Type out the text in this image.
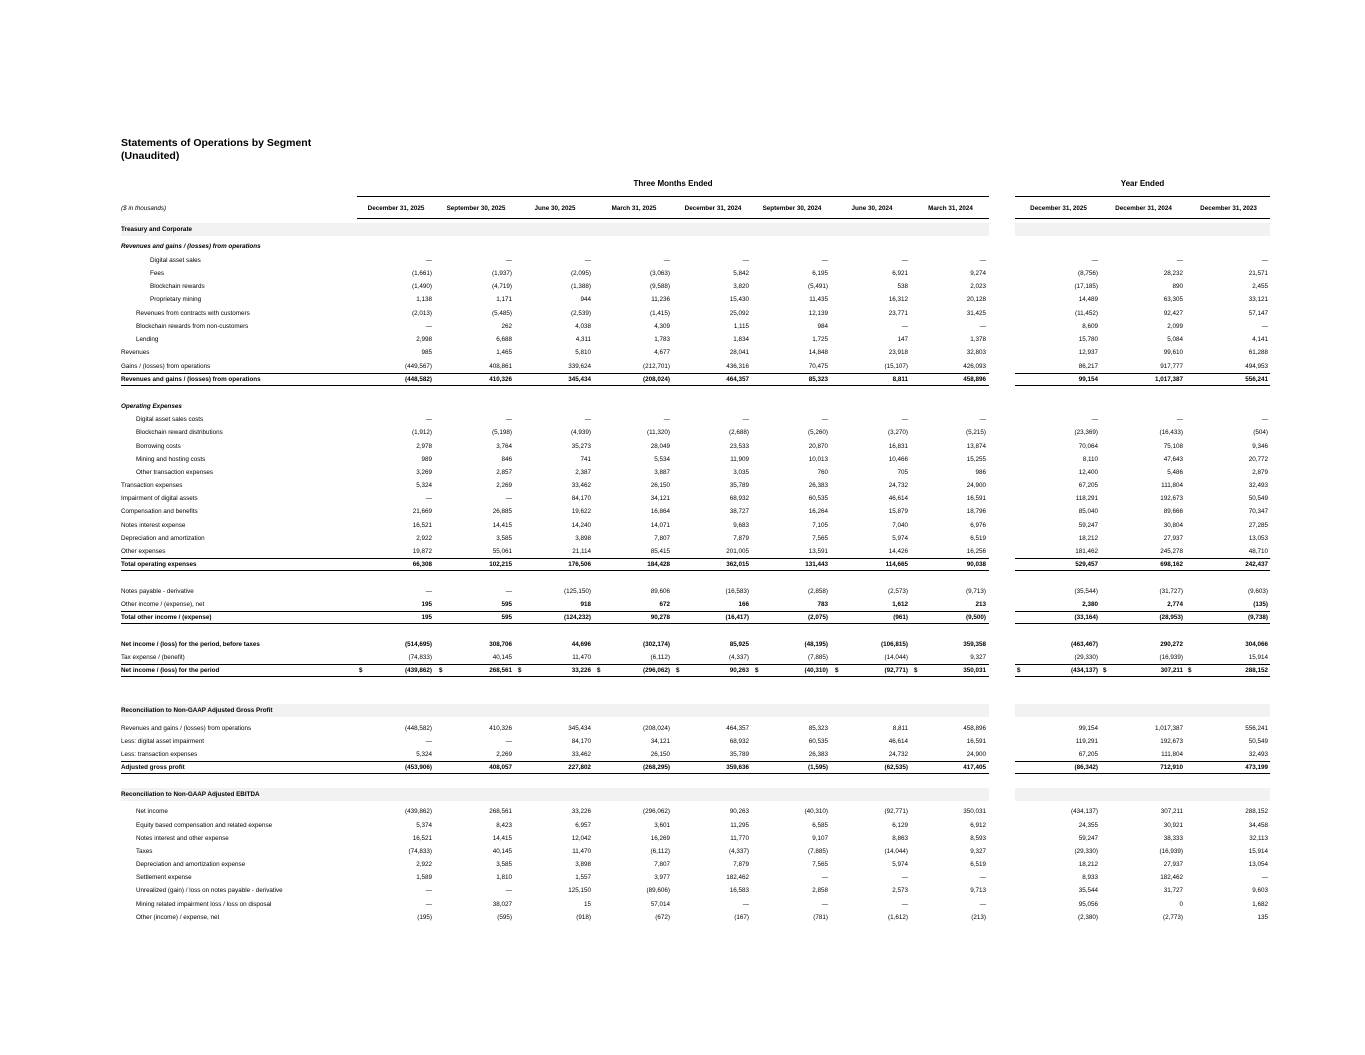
Statements of Operations by Segment
(Unaudited)
Three Months Ended	Year Ended
($ in thousands)	December 31, 2025	September 30, 2025	June 30, 2025	March 31, 2025	December 31, 2024	September 30, 2024	June 30, 2024	March 31, 2024	December 31, 2025	December 31, 2024	December 31, 2023
Treasury and Corporate
Revenues and gains / (losses) from operations
Digital asset sales	—	—	—	—	—	—	—	—	—	—	—
Fees	(1,661)	(1,937)	(2,095)	(3,063)	5,842	6,195	6,921	9,274	(8,756)	28,232	21,571
Blockchain rewards	(1,490)	(4,719)	(1,388)	(9,588)	3,820	(5,491)	538	2,023	(17,185)	890	2,455
Proprietary mining	1,138	1,171	944	11,236	15,430	11,435	16,312	20,128	14,489	63,305	33,121
Revenues from contracts with customers	(2,013)	(5,485)	(2,539)	(1,415)	25,092	12,139	23,771	31,425	(11,452)	92,427	57,147
Blockchain rewards from non-customers	—	262	4,038	4,309	1,115	984	—	—	8,609	2,099	—
Lending	2,998	6,688	4,311	1,783	1,834	1,725	147	1,378	15,780	5,084	4,141
Revenues	985	1,465	5,810	4,677	28,041	14,848	23,918	32,803	12,937	99,610	61,288
Gains / (losses) from operations	(449,567)	408,861	339,624	(212,701)	436,316	70,475	(15,107)	426,093	86,217	917,777	494,953
Revenues and gains / (losses) from operations	(448,582)	410,326	345,434	(208,024)	464,357	85,323	8,811	458,896	99,154	1,017,387	556,241
Operating Expenses
Digital asset sales costs	—	—	—	—	—	—	—	—	—	—	—
Blockchain reward distributions	(1,912)	(5,198)	(4,939)	(11,320)	(2,688)	(5,260)	(3,270)	(5,215)	(23,369)	(16,433)	(504)
Borrowing costs	2,978	3,764	35,273	28,049	23,533	20,870	16,831	13,874	70,064	75,108	9,346
Mining and hosting costs	989	846	741	5,534	11,909	10,013	10,466	15,255	8,110	47,643	20,772
Other transaction expenses	3,269	2,857	2,387	3,887	3,035	760	705	986	12,400	5,486	2,879
Transaction expenses	5,324	2,269	33,462	26,150	35,789	26,383	24,732	24,900	67,205	111,804	32,493
Impairment of digital assets	—	—	84,170	34,121	68,932	60,535	46,614	16,591	118,291	192,673	50,549
Compensation and benefits	21,669	26,885	19,622	16,864	38,727	16,264	15,879	18,796	85,040	89,666	70,347
Notes interest expense	16,521	14,415	14,240	14,071	9,683	7,105	7,040	6,976	59,247	30,804	27,285
Depreciation and amortization	2,922	3,585	3,898	7,807	7,879	7,565	5,974	6,519	18,212	27,937	13,053
Other expenses	19,872	55,061	21,114	85,415	201,005	13,591	14,426	16,256	181,462	245,278	48,710
Total operating expenses	66,308	102,215	176,506	184,428	362,015	131,443	114,665	90,038	529,457	698,162	242,437
Notes payable - derivative	—	—	(125,150)	89,606	(16,583)	(2,858)	(2,573)	(9,713)	(35,544)	(31,727)	(9,603)
Other income / (expense), net	195	595	918	672	166	783	1,612	213	2,380	2,774	(135)
Total other income / (expense)	195	595	(124,232)	90,278	(16,417)	(2,075)	(961)	(9,500)	(33,164)	(28,953)	(9,738)
Net income / (loss) for the period, before taxes	(514,695)	308,706	44,696	(302,174)	85,925	(48,195)	(106,815)	359,358	(463,467)	290,272	304,066
Tax expense / (benefit)	(74,833)	40,145	11,470	(6,112)	(4,337)	(7,885)	(14,044)	9,327	(29,330)	(16,939)	15,914
Net income / (loss) for the period	(439,862)	268,561	33,226	(296,062)	90,263	(40,310)	(92,771)	350,031	(434,137)	307,211	288,152
$	$	$	$	$	$	$	$	$	$	$
Reconciliation to Non-GAAP Adjusted Gross Profit
Revenues and gains / (losses) from operations	(448,582)	410,326	345,434	(208,024)	464,357	85,323	8,811	458,896	99,154	1,017,387	556,241
Less: digital asset impairment	—	—	84,170	34,121	68,932	60,535	46,614	16,591	119,291	192,673	50,549
Less: transaction expenses	5,324	2,269	33,462	26,150	35,789	26,383	24,732	24,900	67,205	111,804	32,493
Adjusted gross profit	(453,906)	408,057	227,802	(268,295)	359,636	(1,595)	(62,535)	417,405	(86,342)	712,910	473,199
Reconciliation to Non-GAAP Adjusted EBITDA
Net income	(439,862)	268,561	33,226	(296,062)	90,263	(40,310)	(92,771)	350,031	(434,137)	307,211	288,152
Equity based compensation and related expense	5,374	8,423	6,957	3,601	11,295	6,585	6,129	6,912	24,355	30,921	34,458
Notes interest and other expense	16,521	14,415	12,042	16,269	11,770	9,107	8,863	8,593	59,247	38,333	32,113
Taxes	(74,833)	40,145	11,470	(6,112)	(4,337)	(7,885)	(14,044)	9,327	(29,330)	(16,939)	15,914
Depreciation and amortization expense	2,922	3,585	3,898	7,807	7,879	7,565	5,974	6,519	18,212	27,937	13,054
Settlement expense	1,589	1,810	1,557	3,977	182,462	—	—	—	8,933	182,462	—
Unrealized (gain) / loss on notes payable - derivative	—	—	125,150	(89,606)	16,583	2,858	2,573	9,713	35,544	31,727	9,603
Mining related impairment loss / loss on disposal	—	38,027	15	57,014	—	—	—	—	95,056	0	1,682
Other (income) / expense, net	(195)	(595)	(918)	(672)	(167)	(781)	(1,612)	(213)	(2,380)	(2,773)	135
